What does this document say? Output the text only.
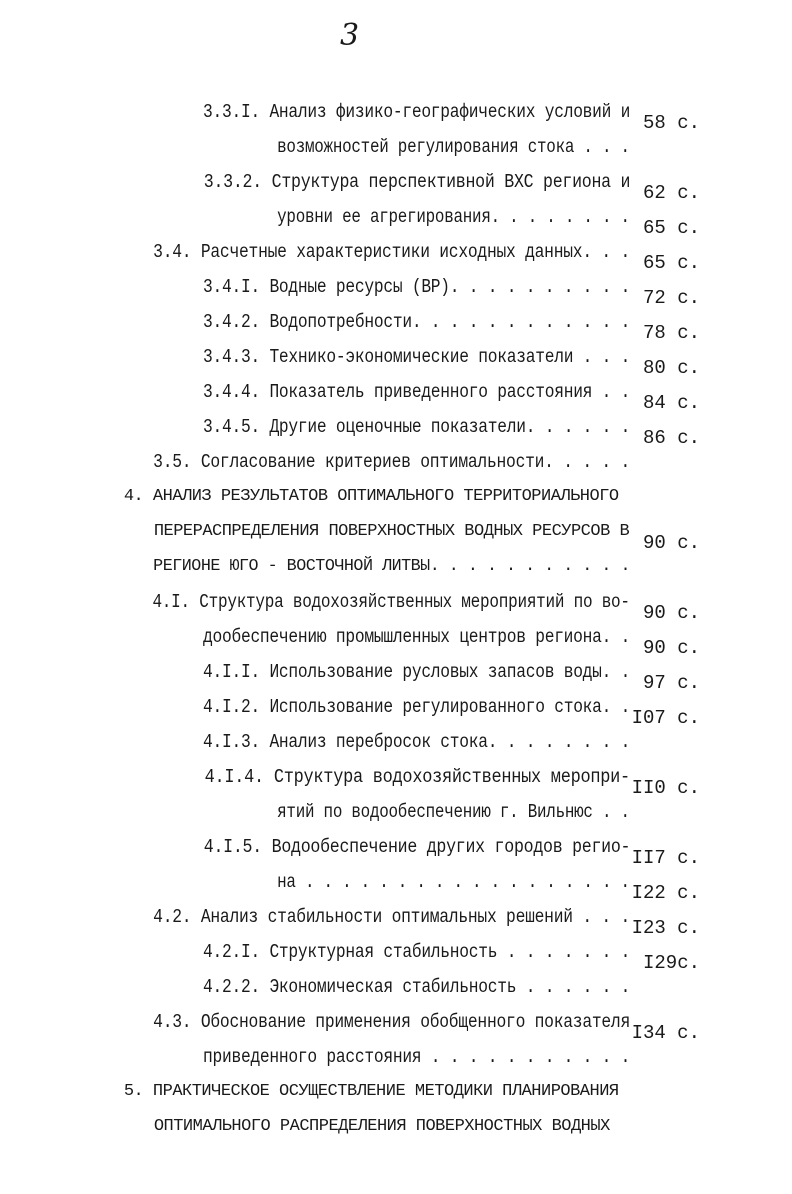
3

3.3.I. Анализ физико-географических условий и

возможностей регулирования стока . . .

58 с.

3.3.2. Структура перспективной ВХС региона и

уровни ее агрегирования. . . . . . . .

62 с.

3.4. Расчетные характеристики исходных данных. . .

65 с.

3.4.I. Водные ресурсы (ВР). . . . . . . . . .

65 с.

3.4.2. Водопотребности. . . . . . . . . . . .

72 с.

3.4.3. Технико-экономические показатели . . .

78 с.

3.4.4. Показатель приведенного расстояния . .

80 с.

3.4.5. Другие оценочные показатели. . . . . .

84 с.

3.5. Согласование критериев оптимальности. . . . .

86 с.

4. АНАЛИЗ РЕЗУЛЬТАТОВ ОПТИМАЛЬНОГО ТЕРРИТОРИАЛЬНОГО

ПЕРЕРАСПРЕДЕЛЕНИЯ ПОВЕРХНОСТНЫХ ВОДНЫХ РЕСУРСОВ В

РЕГИОНЕ ЮГО - ВОСТОЧНОЙ ЛИТВЫ. . . . . . . . . . .

90 с.

4.I. Структура водохозяйственных мероприятий по во-

дообеспечению промышленных центров региона. .

90 с.

4.I.I. Использование русловых запасов воды. .

90 с.

4.I.2. Использование регулированного стока. .

97 с.

4.I.3. Анализ перебросок стока. . . . . . . .

I07 с.

4.I.4. Структура водохозяйственных меропри-

ятий по водообеспечению г. Вильнюс . .

II0 с.

4.I.5. Водообеспечение других городов регио-

на . . . . . . . . . . . . . . . . . .

II7 с.

4.2. Анализ стабильности оптимальных решений . . .

I22 с.

4.2.I. Структурная стабильность . . . . . . .

I23 с.

4.2.2. Экономическая стабильность . . . . . .

I29с.

4.3. Обоснование применения обобщенного показателя

приведенного расстояния . . . . . . . . . . .

I34 с.

5. ПРАКТИЧЕСКОЕ ОСУЩЕСТВЛЕНИЕ МЕТОДИКИ ПЛАНИРОВАНИЯ

ОПТИМАЛЬНОГО РАСПРЕДЕЛЕНИЯ ПОВЕРХНОСТНЫХ ВОДНЫХ
